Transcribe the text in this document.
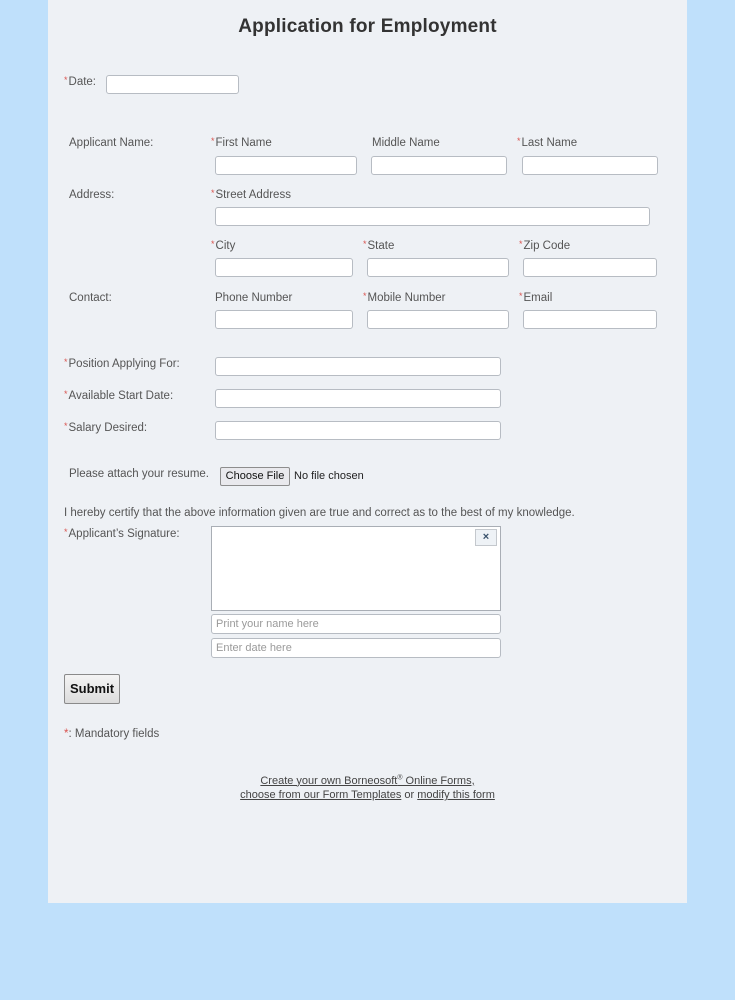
Application for Employment
*Date:
Applicant Name:	*First Name	Middle Name	*Last Name
Address:	*Street Address
*City	*State	*Zip Code
Contact:	Phone Number	*Mobile Number	*Email
*Position Applying For:
*Available Start Date:
*Salary Desired:
Please attach your resume.	Choose File No file chosen
I hereby certify that the above information given are true and correct as to the best of my knowledge.
*Applicant’s Signature:	×
Print your name here
Enter date here
Submit
*: Mandatory fields
Create your own Borneosoft® Online Forms,
choose from our Form Templates or modify this form
